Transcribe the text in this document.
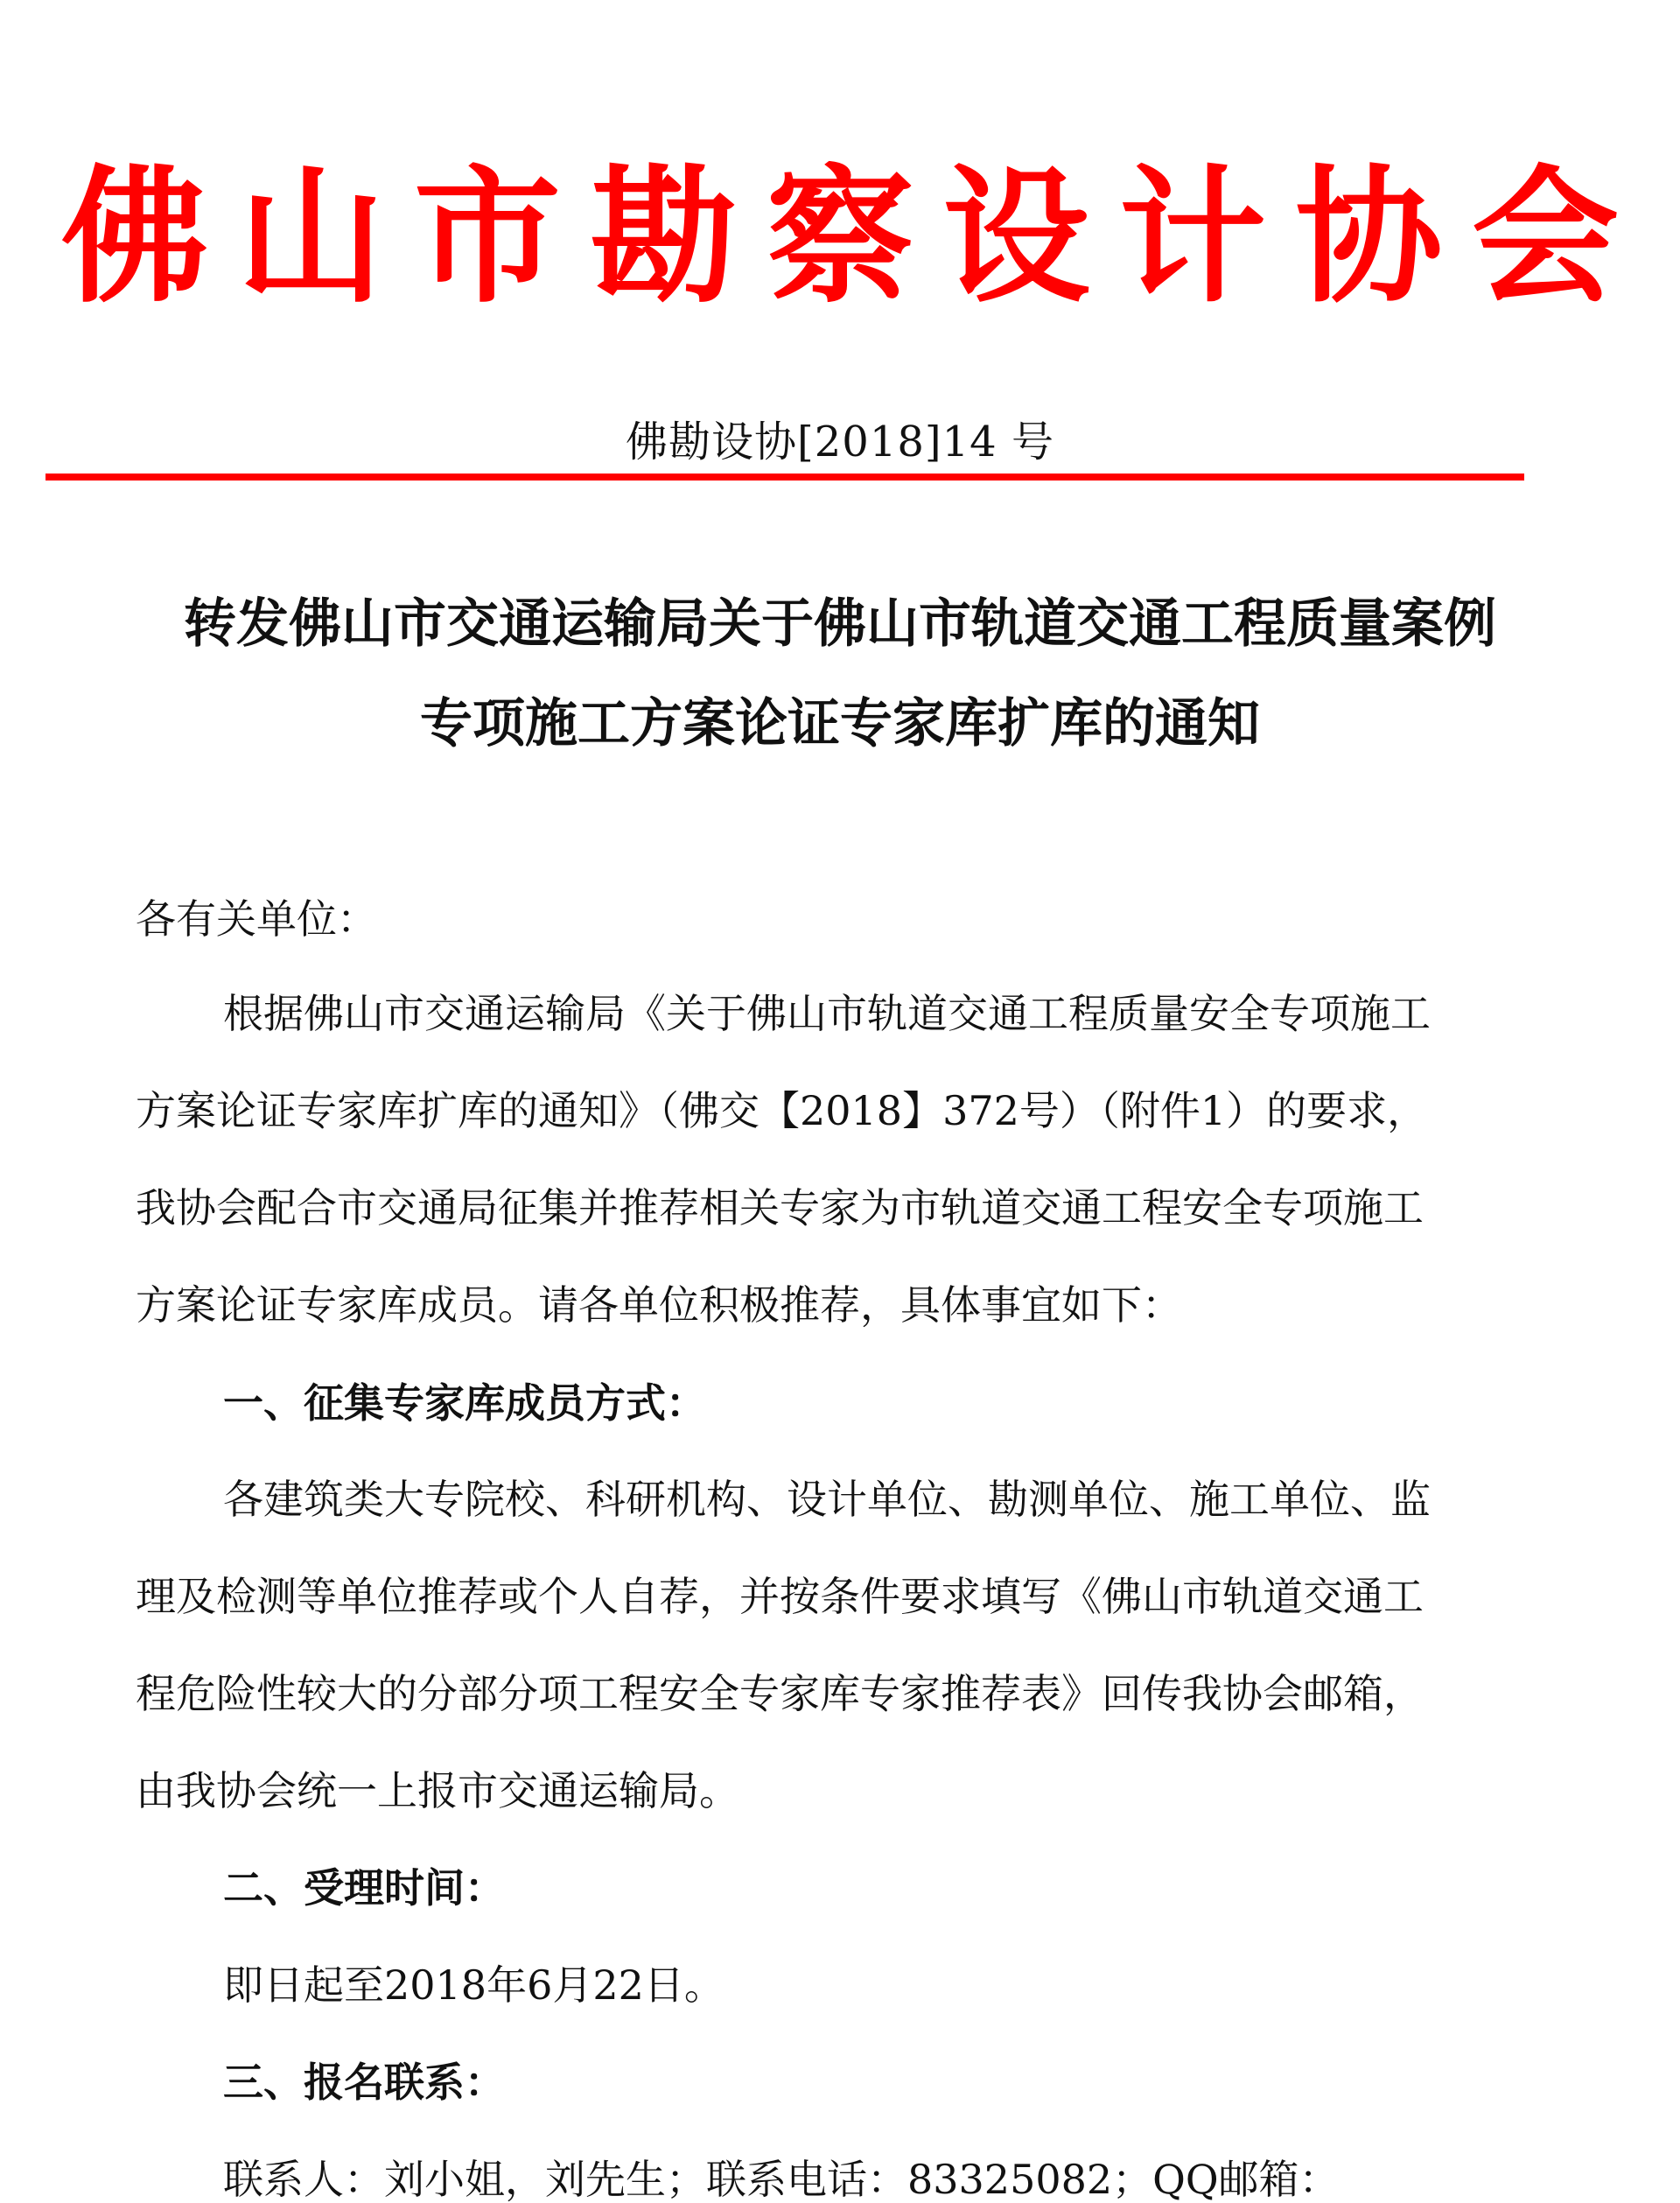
佛 山 市 勘 察 设 计 协 会
佛勘设协[2018]14 号
转发佛山市交通运输局关于佛山市轨道交通工程质量案例
专项施工方案论证专家库扩库的通知
各有关单位：
根据佛山市交通运输局《关于佛山市轨道交通工程质量安全专项施工
方案论证专家库扩库的通知》（佛交【2018】372号）（附件1）的要求，
我协会配合市交通局征集并推荐相关专家为市轨道交通工程安全专项施工
方案论证专家库成员。请各单位积极推荐，具体事宜如下：
一、征集专家库成员方式：
各建筑类大专院校、科研机构、设计单位、勘测单位、施工单位、监
理及检测等单位推荐或个人自荐，并按条件要求填写《佛山市轨道交通工
程危险性较大的分部分项工程安全专家库专家推荐表》回传我协会邮箱，
由我协会统一上报市交通运输局。
二、受理时间：
即日起至2018年6月22日。
三、报名联系：
联系人：刘小姐，刘先生；联系电话：83325082；QQ邮箱：
